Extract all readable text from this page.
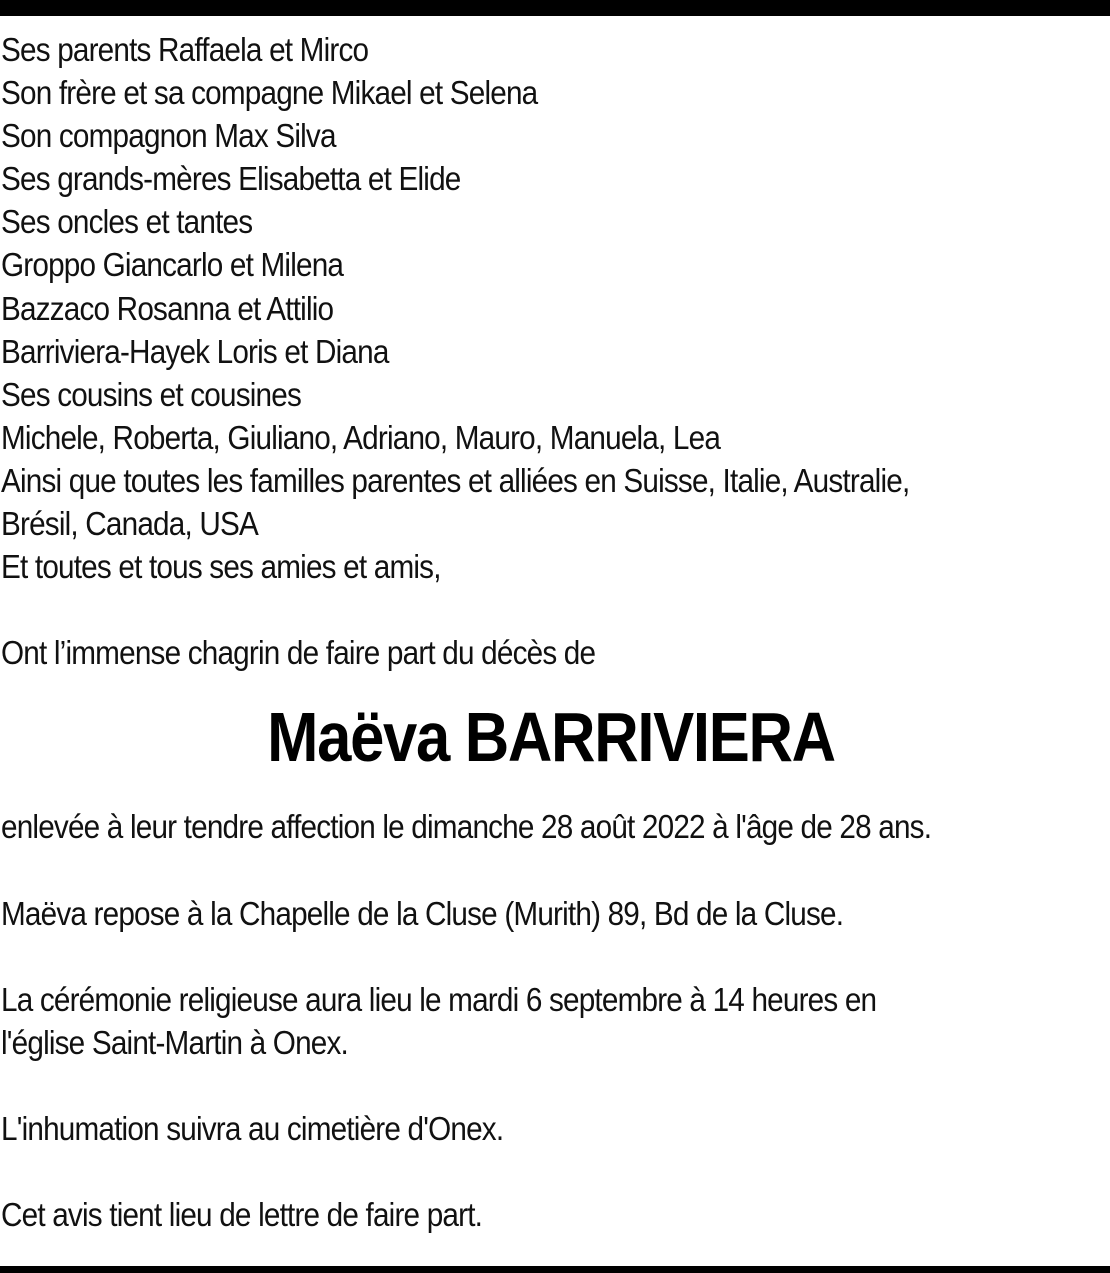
Ses parents Raffaela et Mirco
Son frère et sa compagne Mikael et Selena
Son compagnon Max Silva
Ses grands-mères Elisabetta et Elide
Ses oncles et tantes
Groppo Giancarlo et Milena
Bazzaco Rosanna et Attilio
Barriviera-Hayek Loris et Diana
Ses cousins et cousines
Michele, Roberta, Giuliano, Adriano, Mauro, Manuela, Lea
Ainsi que toutes les familles parentes et alliées en Suisse, Italie, Australie,
Brésil, Canada, USA
Et toutes et tous ses amies et amis,
Ont l’immense chagrin de faire part du décès de
Maëva BARRIVIERA
enlevée à leur tendre affection le dimanche 28 août 2022 à l'âge de 28 ans.
Maëva repose à la Chapelle de la Cluse (Murith) 89, Bd de la Cluse.
La cérémonie religieuse aura lieu le mardi 6 septembre à 14 heures en
l'église Saint-Martin à Onex.
L'inhumation suivra au cimetière d'Onex.
Cet avis tient lieu de lettre de faire part.
